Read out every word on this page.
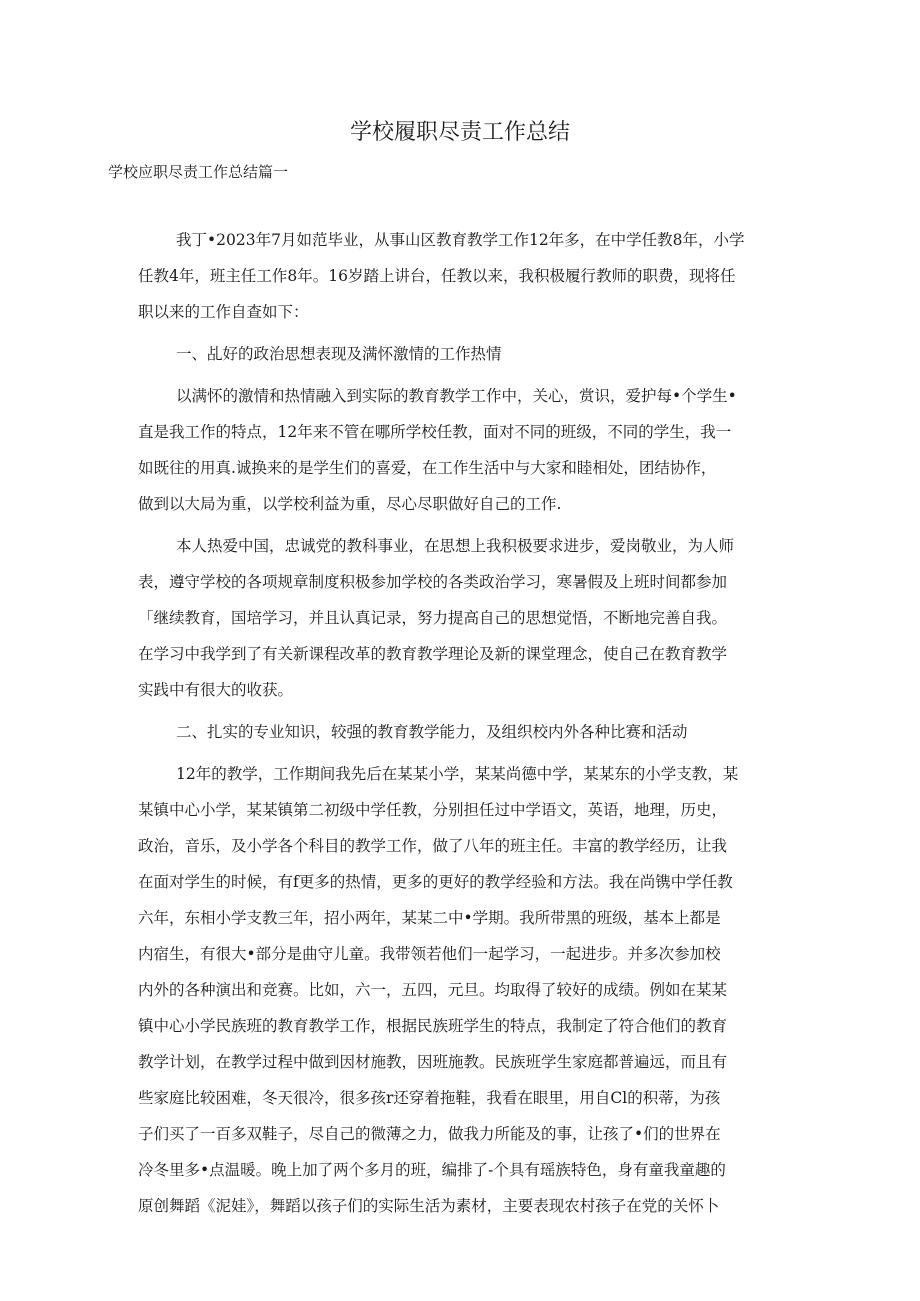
学校履职尽责工作总结
学校应职尽责工作总结篇一
我丁•2023年7月如范毕业，从事山区教育教学工作12年多，在中学任教8年，小学
任教4年，班主任工作8年。16岁踏上讲台，任教以来，我积极履行教师的职费，现将任
职以来的工作自查如下：
一、乩好的政治思想表现及满怀激情的工作热情
以满怀的激情和热情融入到实际的教育教学工作中，关心，赏识，爱护每•个学生•
直是我工作的特点，12年来不管在哪所学校任教，面对不同的班级，不同的学生，我一
如既往的用真.诚换来的是学生们的喜爱，在工作生活中与大家和睦相处，团结协作，
做到以大局为重，以学校利益为重，尽心尽职做好自己的工作.
本人热爱中国，忠诚党的教科事业，在思想上我积极要求进步，爱岗敬业，为人师
表，遵守学校的各项规章制度积极参加学校的各类政治学习，寒暑假及上班时间都参加
「继续教育，国培学习，并且认真记录，努力提高自己的思想觉悟，不断地完善自我。
在学习中我学到了有关新课程改革的教育教学理论及新的课堂理念，使自己在教育教学
实践中有很大的收获。
二、扎实的专业知识，较强的教育教学能力，及组织校内外各种比赛和活动
12年的教学，工作期间我先后在某某小学，某某尚德中学，某某东的小学支教，某
某镇中心小学，某某镇第二初级中学任教，分别担任过中学语文，英语，地理，历史，
政治，音乐，及小学各个科目的教学工作，做了八年的班主任。丰富的教学经历，让我
在面对学生的时候，有f更多的热情，更多的更好的教学经验和方法。我在尚镌中学任教
六年，东相小学支教三年，招小两年，某某二中•学期。我所带黑的班级，基本上都是
内宿生，有很大•部分是曲守儿童。我带领若他们一起学习，一起进步。并多次参加校
内外的各种演出和竞赛。比如，六一，五四，元旦。均取得了较好的成绩。例如在某某
镇中心小学民族班的教育教学工作，根据民族班学生的特点，我制定了符合他们的教育
教学计划，在教学过程中做到因材施教，因班施教。民族班学生家庭都普遍远，而且有
些家庭比较困难，冬天很冷，很多孩r还穿着拖鞋，我看在眼里，用自Cl的积蒂，为孩
子们买了一百多双鞋子，尽自己的微薄之力，做我力所能及的事，让孩了•们的世界在
冷冬里多•点温暖。晚上加了两个多月的班，编排了-个具有瑶族特色，身有童我童趣的
原创舞蹈《泥娃》，舞蹈以孩子们的实际生活为素材，主要表现农村孩子在党的关怀卜
